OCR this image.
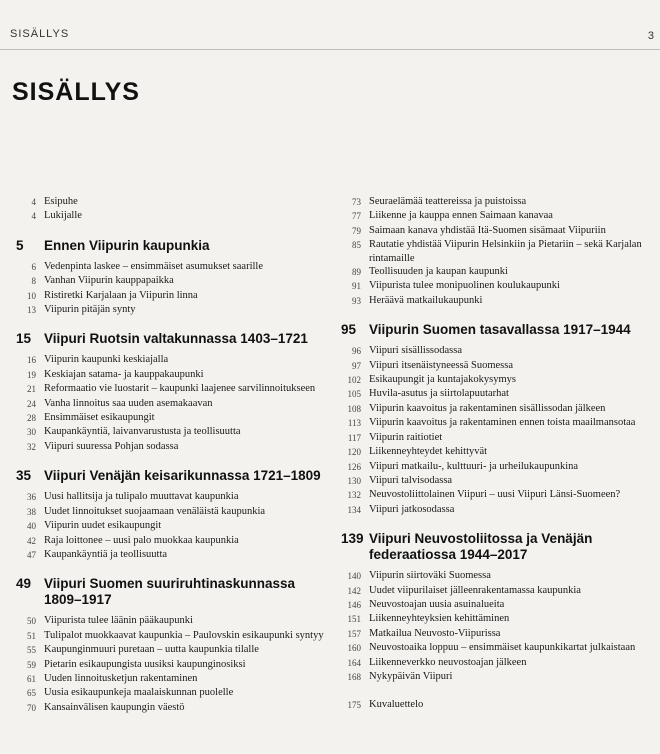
SISÄLLYS	3
SISÄLLYS
4 Esipuhe
4 Lukijalle
5	Ennen Viipurin kaupunkia
6 Vedenpinta laskee – ensimmäiset asumukset saarille
8 Vanhan Viipurin kauppapaikka
10 Ristiretki Karjalaan ja Viipurin linna
13 Viipurin pitäjän synty
15 Viipuri Ruotsin valtakunnassa 1403–1721
16 Viipurin kaupunki keskiajalla
19 Keskiajan satama- ja kauppakaupunki
21 Reformaatio vie luostarit – kaupunki laajenee sarvilinnoitukseen
24 Vanha linnoitus saa uuden asemakaavan
28 Ensimmäiset esikaupungit
30 Kaupankäyntiä, laivanvarustusta ja teollisuutta
32 Viipuri suuressa Pohjan sodassa
35 Viipuri Venäjän keisarikunnassa 1721–1809
36 Uusi hallitsija ja tulipalo muuttavat kaupunkia
38 Uudet linnoitukset suojaamaan venäläistä kaupunkia
40 Viipurin uudet esikaupungit
42 Raja loittonee – uusi palo muokkaa kaupunkia
47 Kaupankäyntiä ja teollisuutta
49 Viipuri Suomen suuriruhtinaskunnassa 1809–1917
50 Viipurista tulee läänin pääkaupunki
51 Tulipalot muokkaavat kaupunkia – Paulovskin esikaupunki syntyy
55 Kaupunginmuuri puretaan – uutta kaupunkia tilalle
59 Pietarin esikaupungista uusiksi kaupunginosiksi
61 Uuden linnoitusketjun rakentaminen
65 Uusia esikaupunkeja maalaiskunnan puolelle
70 Kansainvälisen kaupungin väestö
73 Seuraelämää teattereissa ja puistoissa
77 Liikenne ja kauppa ennen Saimaan kanavaa
79 Saimaan kanava yhdistää Itä-Suomen sisämaat Viipuriin
85 Rautatie yhdistää Viipurin Helsinkiin ja Pietariin – sekä Karjalan rintamaille
89 Teollisuuden ja kaupan kaupunki
91 Viipurista tulee monipuolinen koulukaupunki
93 Heräävä matkailukaupunki
95 Viipurin Suomen tasavallassa 1917–1944
96 Viipuri sisällissodassa
97 Viipuri itsenäistyneessä Suomessa
102 Esikaupungit ja kuntajakokysymys
105 Huvila-asutus ja siirtolapuutarhat
108 Viipurin kaavoitus ja rakentaminen sisällissodan jälkeen
113 Viipurin kaavoitus ja rakentaminen ennen toista maailmansotaa
117 Viipurin raitiotiet
120 Liikenneyhteydet kehittyvät
126 Viipuri matkailu-, kulttuuri- ja urheilukaupunkina
130 Viipuri talvisodassa
132 Neuvostoliittolainen Viipuri – uusi Viipuri Länsi-Suomeen?
134 Viipuri jatkosodassa
139 Viipuri Neuvostoliitossa ja Venäjän federaatiossa 1944–2017
140 Viipurin siirtoväki Suomessa
142 Uudet viipurilaiset jälleenrakentamassa kaupunkia
146 Neuvostoajan uusia asuinalueita
151 Liikenneyhteyksien kehittäminen
157 Matkailua Neuvosto-Viipurissa
160 Neuvostoaika loppuu – ensimmäiset kaupunkikartat julkaistaan
164 Liikenneverkko neuvostoajan jälkeen
168 Nykypäivän Viipuri
175 Kuvaluettelo
